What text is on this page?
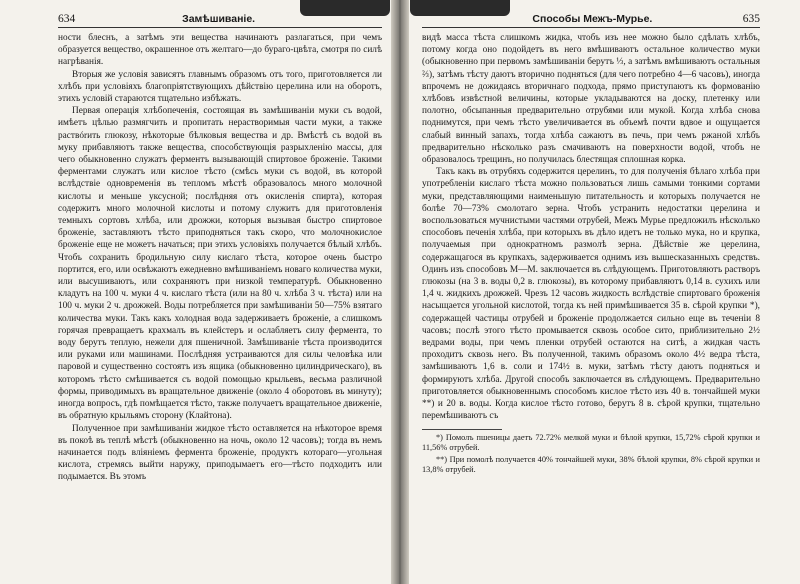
634	Замѣшиваніе.

ности блеснъ, а затѣмъ эти вещества начинаютъ разлагаться, при чемъ образуется вещество, окрашенное отъ желтаго—до бураго-цвѣта, смотря по силѣ нагрѣванія.

Вторыя же условія зависятъ главнымъ образомъ отъ того, приготовляется ли хлѣбъ при условіяхъ благопріятствующихъ дѣйствію церелина или на оборотъ, этихъ условій стараются тщательно избѣжать.

Первая операція хлѣбопеченія, состоящая въ замѣшиваніи муки съ водой, имѣетъ цѣлью размягчить и пропитать нерастворимыя части муки, а также раствórить глюкозу, нѣкоторые бѣлковыя вещества и др. Вмѣстѣ съ водой въ муку прибавляютъ также вещества, способствующія разрыхленію массы, для чего обыкновенно служатъ ферментъ вызывающій спиртовое броженіе. Такими ферментами служатъ или кислое тѣсто (смѣсь муки съ водой, въ которой вслѣдствіе одновременія въ тепломъ мѣстѣ образовалось много молочной кислоты и меньше уксусной; послѣдняя отъ окисленія спирта), которая содержитъ много молочной кислоты и потому служитъ для приготовленія темныхъ сортовъ хлѣба, или дрожжи, которыя вызывая быстро спиртовое броженіе, заставляютъ тѣсто приподняться такъ скоро, что молочнокислое броженіе еще не можетъ начаться; при этихъ условіяхъ получается бѣлый хлѣбъ. Чтобъ сохранить бродильную силу кислаго тѣста, которое очень быстро портится, его, или освѣжаютъ ежедневно вмѣшиваніемъ новаго количества муки, или высушиваютъ, или сохраняютъ при низкой температурѣ. Обыкновенно кладутъ на 100 ч. муки 4 ч. кислаго тѣста (или на 80 ч. хлѣба 3 ч. тѣста) или на 100 ч. муки 2 ч. дрожжей. Воды потребляется при замѣшиваніи 50—75% взятаго количества муки. Такъ какъ холодная вода задерживаетъ броженіе, а слишкомъ горячая превращаетъ крахмалъ въ клейстеръ и ослабляетъ силу фермента, то воду берутъ теплую, нежели для пшеничной. Замѣшиваніе тѣста производится или руками или машинами. Послѣдняя устраиваются для силы человѣка или паровой и существенно состоятъ изъ ящика (обыкновенно цилиндрическаго), въ которомъ тѣсто смѣшивается съ водой помощью крыльевъ, весьма различной формы, приводимыхъ въ вращательное движеніе (около 4 оборотовъ въ минуту); иногда вопросъ, гдѣ помѣщается тѣсто, также получаетъ вращательное движеніе, въ обратную крыльямъ сторону (Клайтона).

Полученное при замѣшиваніи жидкое тѣсто оставляется на нѣкоторое время въ покоѣ въ теплѣ мѣстѣ (обыкновенно на ночь, около 12 часовъ); тогда въ немъ начинается подъ вліяніемъ фермента броженіе, продуктъ котораго—угольная кислота, стремясь выйти наружу, приподымаетъ его—тѣсто подходитъ или подымается. Въ этомъ

Способы Межъ-Мурье.	635

видѣ масса тѣста слишкомъ жидка, чтобъ изъ нее можно было сдѣлать хлѣбъ, потому когда оно подойдетъ въ него вмѣшиваютъ остальное количество муки (обыкновенно при первомъ замѣшиваніи берутъ ⅓, а затѣмъ вмѣшиваютъ остальныя ⅔), затѣмъ тѣсту даютъ вторично подняться (для чего потребно 4—6 часовъ), иногда впрочемъ не дожидаясь вторичнаго подхода, прямо приступаютъ къ формованію хлѣбовъ извѣстной величины, которые укладываются на доску, плетенку или полотно, обсыпанныя предварительно отрубями или мукой. Когда хлѣба снова поднимутся, при чемъ тѣсто увеличивается въ объемѣ почти вдвое и ощущается слабый винный запахъ, тогда хлѣба сажаютъ въ печь, при чемъ ржаной хлѣбъ предварительно нѣсколько разъ смачиваютъ на поверхности водой, чтобъ не образовалось трещинъ, но получилась блестящая сплошная корка.

Такъ какъ въ отрубяхъ содержится церелинъ, то для полученія бѣлаго хлѣба при употребленіи кислаго тѣста можно пользоваться лишь самыми тонкими сортами муки, представляющими наименьшую питательность и которыхъ получается не болѣе 70—73% смолотаго зерна. Чтобъ устранить недостатки церелина и воспользоваться мучнистыми частями отрубей, Межъ Мурье предложилъ нѣсколько способовъ печенія хлѣба, при которыхъ въ дѣло идетъ не только мука, но и крупка, получаемыя при однократномъ размолѣ зерна. Дѣйствіе же церелина, содержащагося въ крупкахъ, задерживается однимъ изъ вышесказанныхъ средствъ. Одинъ изъ способовъ М—М. заключается въ слѣдующемъ. Приготовляютъ растворъ глюкозы (на 3 в. воды 0,2 в. глюкозы), въ которому прибавляютъ 0,14 в. сухихъ или 1,4 ч. жидкихъ дрожжей. Чрезъ 12 часовъ жидкость вслѣдствіе спиртоваго броженія насыщается угольной кислотой, тогда къ ней примѣшивается 35 в. сѣрой крупки *), содержащей частицы отрубей и броженіе продолжается сильно еще въ теченіи 8 часовъ; послѣ этого тѣсто промывается сквозь особое сито, приблизительно 2½ ведрами воды, при чемъ пленки отрубей остаются на ситѣ, а жидкая часть проходитъ сквозь него. Въ полученной, такимъ образомъ около 4½ ведра тѣста, замѣшиваютъ 1,6 в. соли и 174½ в. муки, затѣмъ тѣсту даютъ подняться и формируютъ хлѣба. Другой способъ заключается въ слѣдующемъ. Предварительно приготовляется обыкновеннымъ способомъ кислое тѣсто изъ 40 в. тончайшей муки **) и 20 в. воды. Когда кислое тѣсто готово, берутъ 8 в. сѣрой крупки, тщательно перемѣшиваютъ съ

*) Помолъ пшеницы даетъ 72.72% мелкой муки и бѣлой крупки, 15,72% сѣрой крупки и 11,56% отрубей.

**) При помолѣ получается 40% тончайшей муки, 38% бѣлой крупки, 8% сѣрой крупки и 13,8% отрубей.
